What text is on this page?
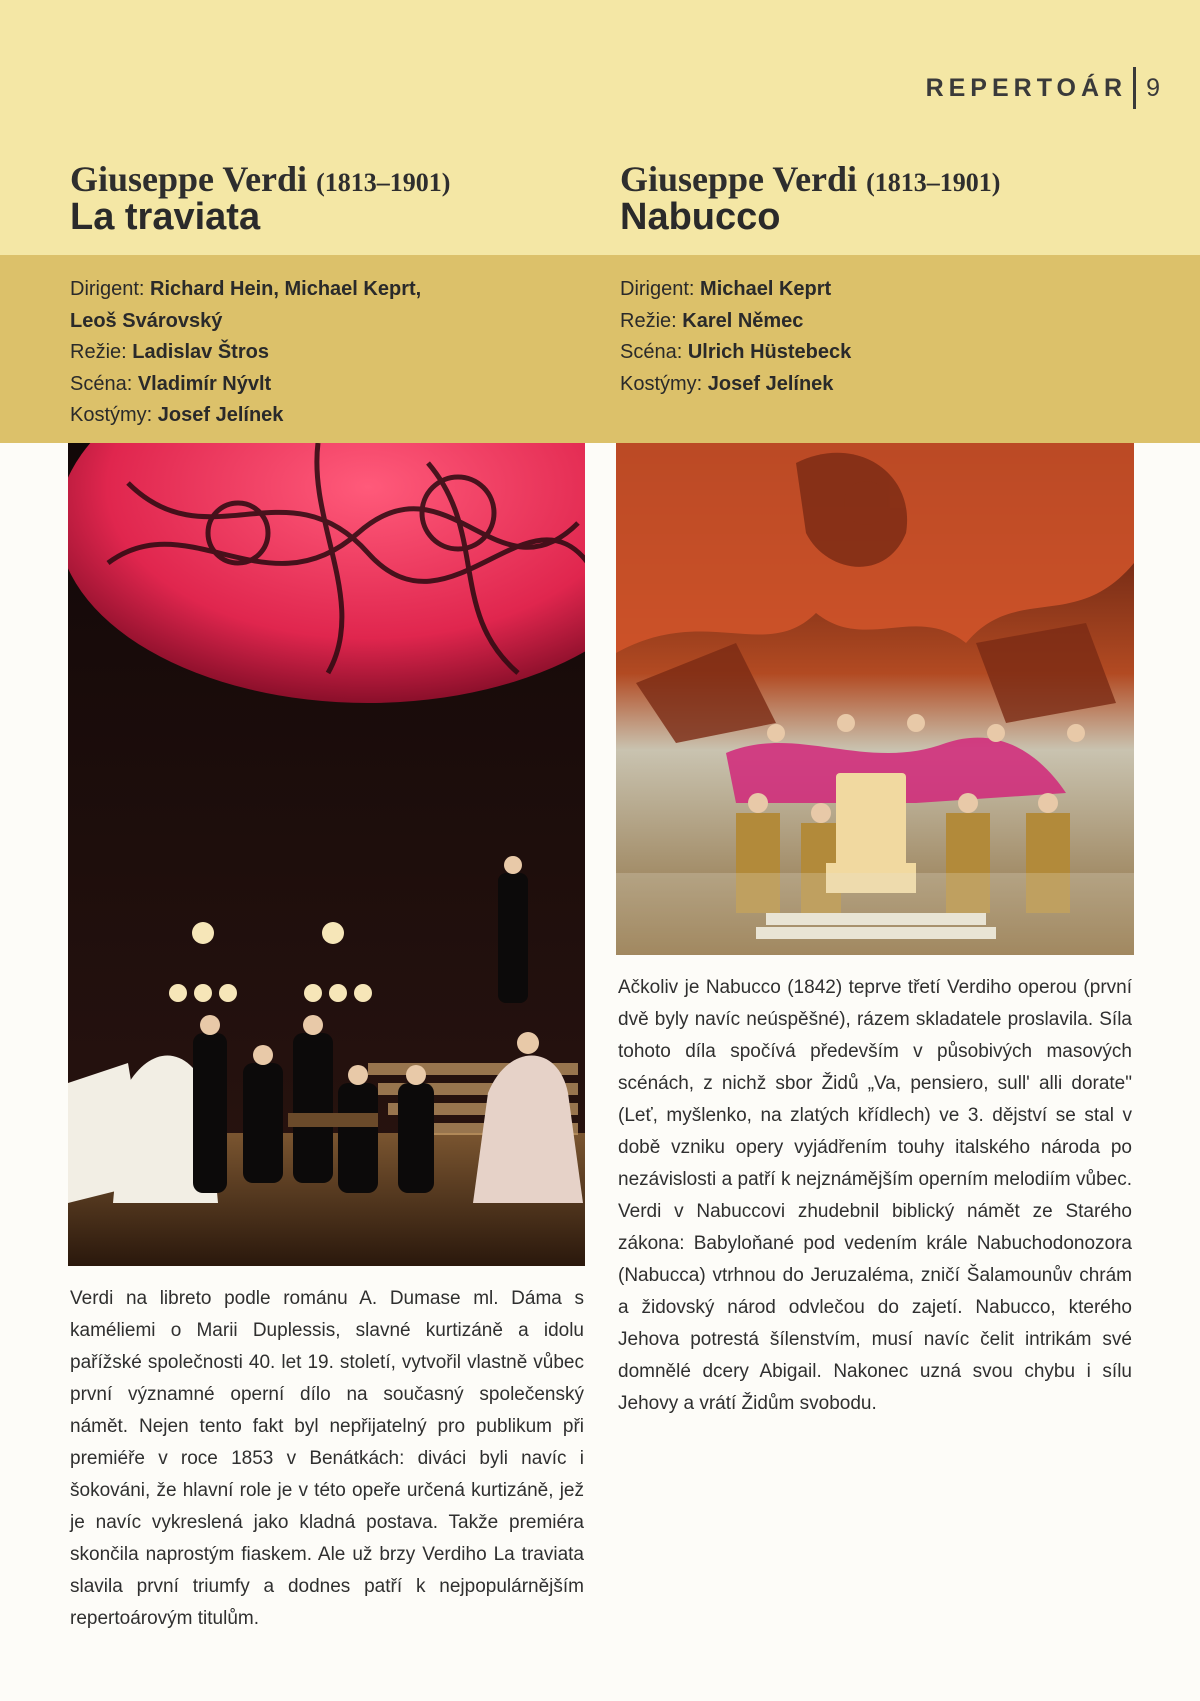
REPERTOÁR 9
Giuseppe Verdi (1813–1901)
La traviata
Dirigent: Richard Hein, Michael Keprt,
Leoš Svárovský
Režie: Ladislav Štros
Scéna: Vladimír Nývlt
Kostýmy: Josef Jelínek
Verdi na libreto podle románu A. Dumase ml. Dáma s kaméliemi o Marii Duplessis, slavné kurtizáně a idolu pařížské společnosti 40. let 19. století, vytvořil vlastně vůbec první významné operní dílo na současný společenský námět. Nejen tento fakt byl nepřijatelný pro publikum při premiéře v roce 1853 v Benátkách: diváci byli navíc i šokováni, že hlavní role je v této opeře určená kurtizáně, jež je navíc vykreslená jako kladná postava. Takže premiéra skončila naprostým fiaskem. Ale už brzy Verdiho La traviata slavila první triumfy a dodnes patří k nejpopulárnějším repertoárovým titulům.
Giuseppe Verdi (1813–1901)
Nabucco
Dirigent: Michael Keprt
Režie: Karel Němec
Scéna: Ulrich Hüstebeck
Kostýmy: Josef Jelínek
Ačkoliv je Nabucco (1842) teprve třetí Verdiho operou (první dvě byly navíc neúspěšné), rázem skladatele proslavila. Síla tohoto díla spočívá především v působivých masových scénách, z nichž sbor Židů „Va, pensiero, sull' alli dorate" (Leť, myšlenko, na zlatých křídlech) ve 3. dějství se stal v době vzniku opery vyjádřením touhy italského národa po nezávislosti a patří k nejznámějším operním melodiím vůbec. Verdi v Nabuccovi zhudebnil biblický námět ze Starého zákona: Babyloňané pod vedením krále Nabuchodonozora (Nabucca) vtrhnou do Jeruzaléma, zničí Šalamounův chrám a židovský národ odvlečou do zajetí. Nabucco, kterého Jehova potrestá šílenstvím, musí navíc čelit intrikám své domnělé dcery Abigail. Nakonec uzná svou chybu i sílu Jehovy a vrátí Židům svobodu.
